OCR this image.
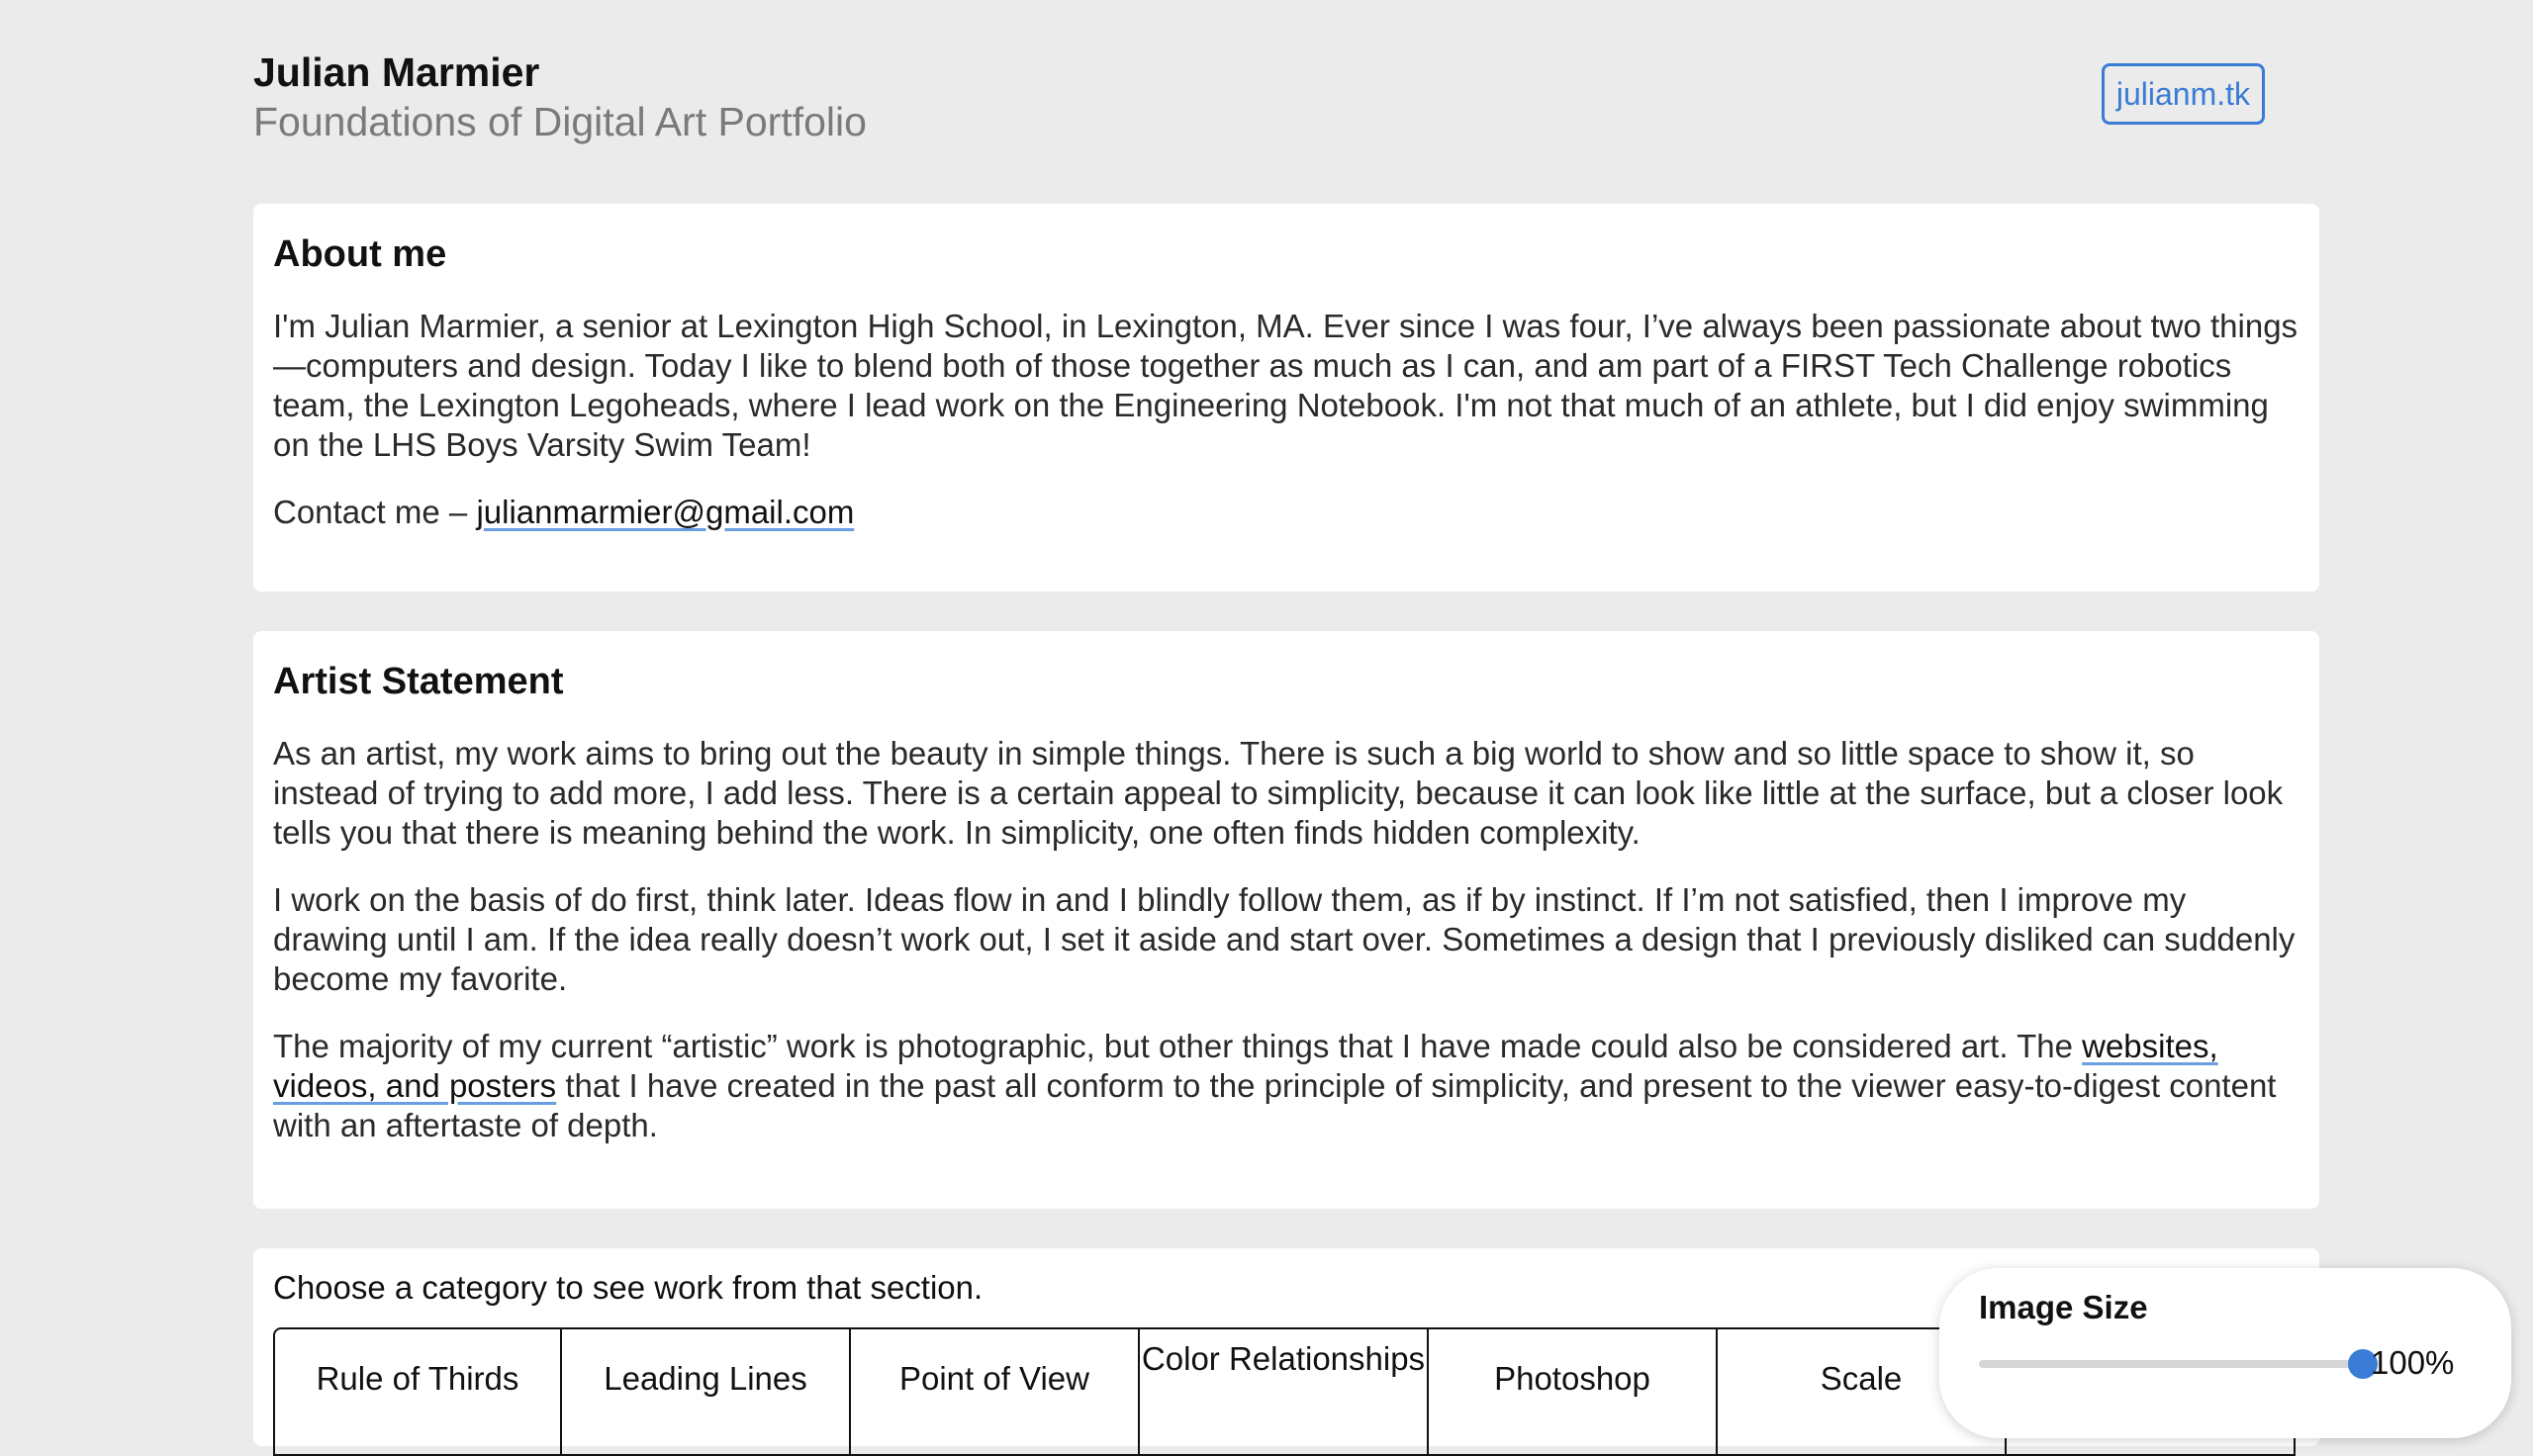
Julian Marmier
Foundations of Digital Art Portfolio
julianm.tk
About me

I'm Julian Marmier, a senior at Lexington High School, in Lexington, MA. Ever since I was four, I’ve always been passionate about two things—computers and design. Today I like to blend both of those together as much as I can, and am part of a FIRST Tech Challenge robotics team, the Lexington Legoheads, where I lead work on the Engineering Notebook. I'm not that much of an athlete, but I did enjoy swimming on the LHS Boys Varsity Swim Team!

Contact me – julianmarmier@gmail.com

Artist Statement

As an artist, my work aims to bring out the beauty in simple things. There is such a big world to show and so little space to show it, so instead of trying to add more, I add less. There is a certain appeal to simplicity, because it can look like little at the surface, but a closer look tells you that there is meaning behind the work. In simplicity, one often finds hidden complexity.

I work on the basis of do first, think later. Ideas flow in and I blindly follow them, as if by instinct. If I’m not satisfied, then I improve my drawing until I am. If the idea really doesn’t work out, I set it aside and start over. Sometimes a design that I previously disliked can suddenly become my favorite.

The majority of my current “artistic” work is photographic, but other things that I have made could also be considered art. The websites, videos, and posters that I have created in the past all conform to the principle of simplicity, and present to the viewer easy-to-digest content with an aftertaste of depth.

Choose a category to see work from that section.
Rule of Thirds	Leading Lines	Point of View
Color Relationships
Photoshop	Scale
Image Size
100%
